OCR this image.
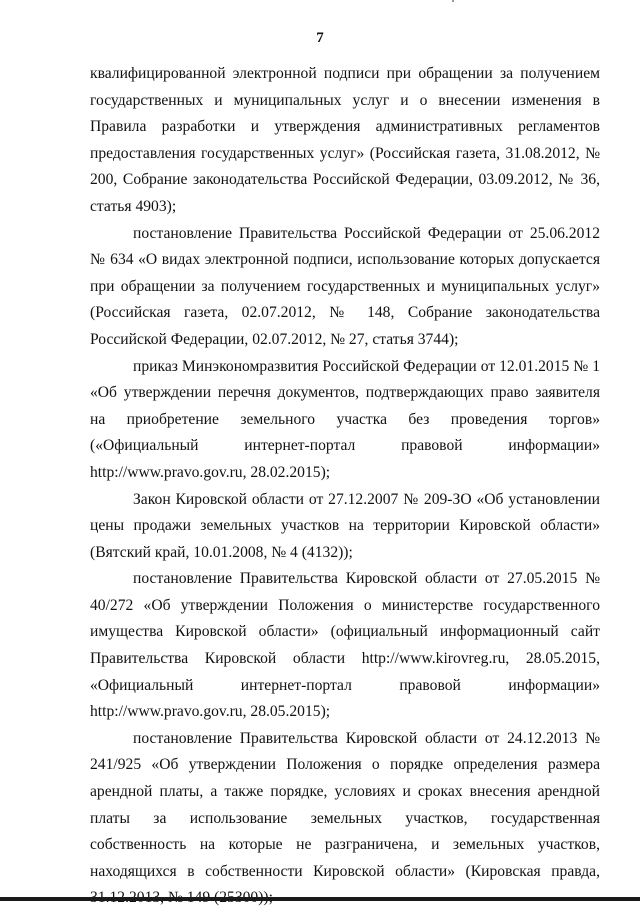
7

квалифицированной электронной подписи при обращении за получением государственных и муниципальных услуг и о внесении изменения в Правила разработки и утверждения административных регламентов предоставления государственных услуг» (Российская газета, 31.08.2012, № 200, Собрание законодательства Российской Федерации, 03.09.2012, № 36, статья 4903);

постановление Правительства Российской Федерации от 25.06.2012 № 634 «О видах электронной подписи, использование которых допускается при обращении за получением государственных и муниципальных услуг» (Российская газета, 02.07.2012, № 148, Собрание законодательства Российской Федерации, 02.07.2012, № 27, статья 3744);

приказ Минэкономразвития Российской Федерации от 12.01.2015 № 1 «Об утверждении перечня документов, подтверждающих право заявителя на приобретение земельного участка без проведения торгов» («Официальный интернет-портал правовой информации» http://www.pravo.gov.ru, 28.02.2015);

Закон Кировской области от 27.12.2007 № 209-ЗО «Об установлении цены продажи земельных участков на территории Кировской области» (Вятский край, 10.01.2008, № 4 (4132));

постановление Правительства Кировской области от 27.05.2015 № 40/272 «Об утверждении Положения о министерстве государственного имущества Кировской области» (официальный информационный сайт Правительства Кировской области http://www.kirovreg.ru, 28.05.2015, «Официальный интернет-портал правовой информации» http://www.pravo.gov.ru, 28.05.2015);

постановление Правительства Кировской области от 24.12.2013 № 241/925 «Об утверждении Положения о порядке определения размера арендной платы, а также порядке, условиях и сроках внесения арендной платы за использование земельных участков, государственная собственность на которые не разграничена, и земельных участков, находящихся в собственности Кировской области» (Кировская правда,
